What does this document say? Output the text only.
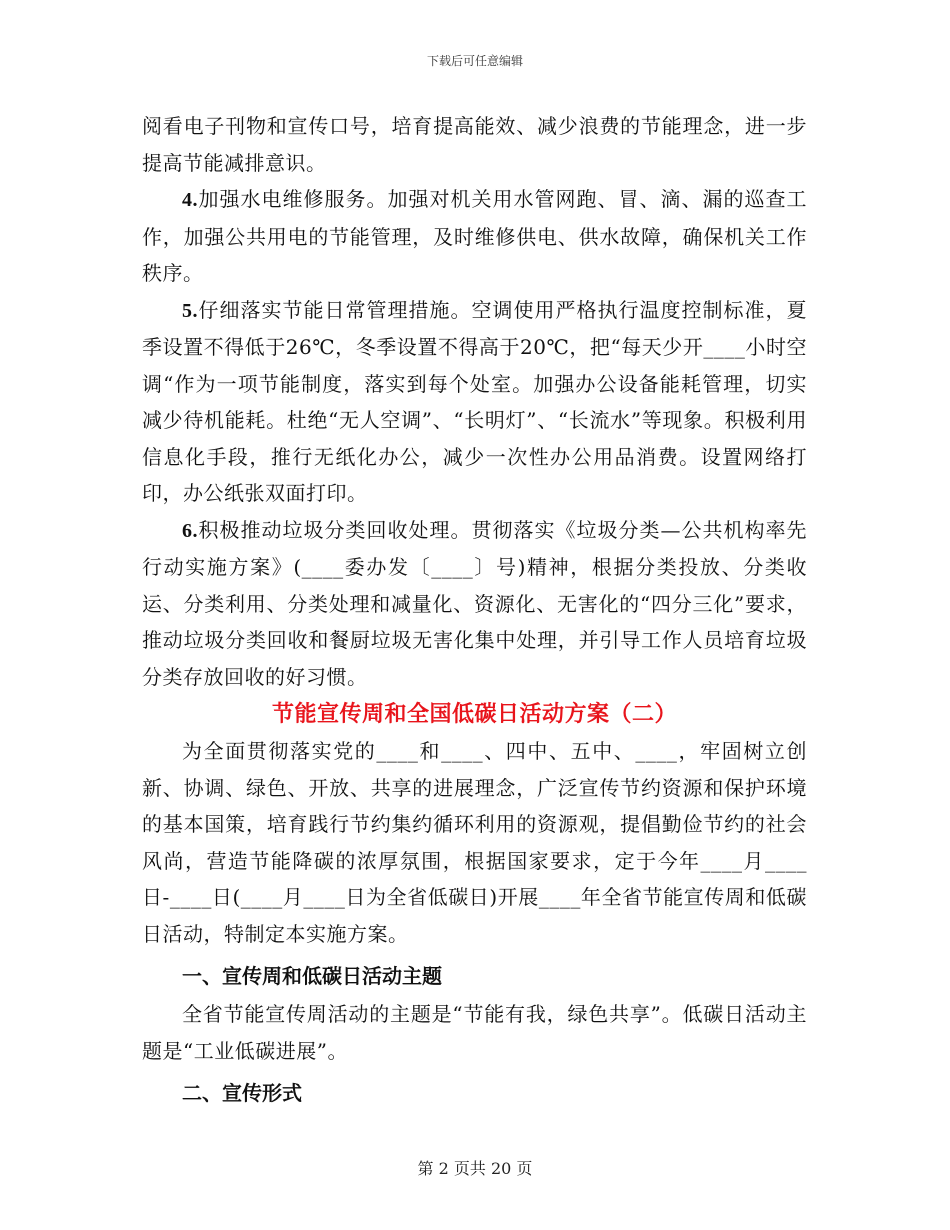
下载后可任意编辑

阅看电子刊物和宣传口号，培育提高能效、减少浪费的节能理念，进一步提高节能减排意识。

4.加强水电维修服务。加强对机关用水管网跑、冒、滴、漏的巡查工作，加强公共用电的节能管理，及时维修供电、供水故障，确保机关工作秩序。

5.仔细落实节能日常管理措施。空调使用严格执行温度控制标准，夏季设置不得低于26℃，冬季设置不得高于20℃，把“每天少开____小时空调“作为一项节能制度，落实到每个处室。加强办公设备能耗管理，切实减少待机能耗。杜绝“无人空调”、“长明灯”、“长流水”等现象。积极利用信息化手段，推行无纸化办公，减少一次性办公用品消费。设置网络打印，办公纸张双面打印。

6.积极推动垃圾分类回收处理。贯彻落实《垃圾分类—公共机构率先行动实施方案》(____委办发〔____〕号)精神，根据分类投放、分类收运、分类利用、分类处理和减量化、资源化、无害化的“四分三化”要求，推动垃圾分类回收和餐厨垃圾无害化集中处理，并引导工作人员培育垃圾分类存放回收的好习惯。

节能宣传周和全国低碳日活动方案（二）

为全面贯彻落实党的____和____、四中、五中、____，牢固树立创新、协调、绿色、开放、共享的进展理念，广泛宣传节约资源和保护环境的基本国策，培育践行节约集约循环利用的资源观，提倡勤俭节约的社会风尚，营造节能降碳的浓厚氛围，根据国家要求，定于今年____月____日-____日(____月____日为全省低碳日)开展____年全省节能宣传周和低碳日活动，特制定本实施方案。

一、宣传周和低碳日活动主题

全省节能宣传周活动的主题是“节能有我，绿色共享”。低碳日活动主题是“工业低碳进展”。

二、宣传形式
第 2 页共 20 页
